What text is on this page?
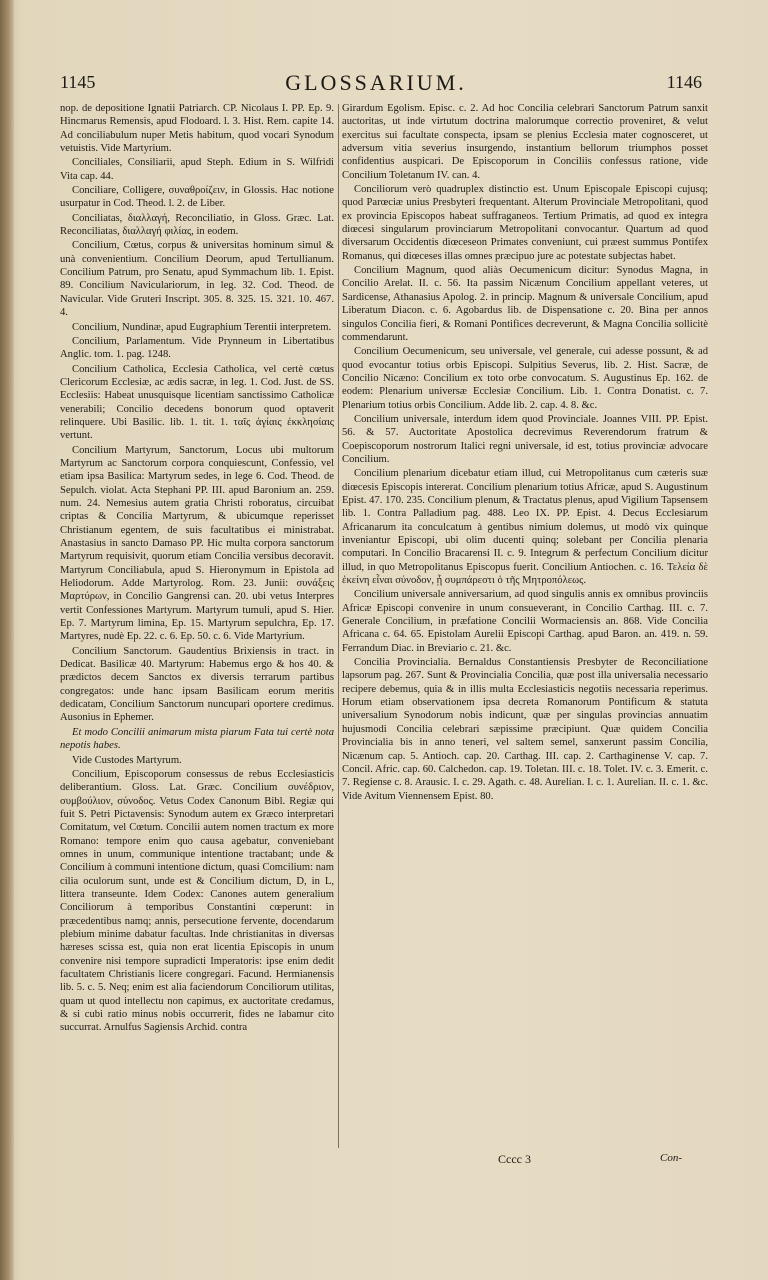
1145	GLOSSARIUM.	1146

nop. de depositione Ignatii Patriarch. CP. Nicolaus I. PP. Ep. 9. Hincmarus Remensis, apud Flodoard. l. 3. Hist. Rem. capite 14. Ad conciliabulum nuper Metis habitum, quod vocari Synodum vetuistis. Vide Martyrium.

Conciliales, Consiliarii, apud Steph. Edium in S. Wilfridi Vita cap. 44.

Conciliare, Colligere, συναθροίζειν, in Glossis. Hac notione usurpatur in Cod. Theod. l. 2. de Liber.

Conciliatas, διαλλαγή, Reconciliatio, in Gloss. Græc. Lat. Reconciliatas, διαλλαγή φιλίας, in eodem.

Concilium, Cœtus, corpus & universitas hominum simul & unà convenientium. Concilium Deorum, apud Tertullianum. Concilium Patrum, pro Senatu, apud Symmachum lib. 1. Epist. 89. Concilium Naviculariorum, in leg. 32. Cod. Theod. de Navicular. Vide Gruteri Inscript. 305. 8. 325. 15. 321. 10. 467. 4.

Concilium, Nundinæ, apud Eugraphium Terentii interpretem.

Concilium, Parlamentum. Vide Prynneum in Libertatibus Anglic. tom. 1. pag. 1248.

Concilium Catholica, Ecclesia Catholica, vel certè cœtus Clericorum Ecclesiæ, ac ædis sacræ, in leg. 1. Cod. Just. de SS. Ecclesiis: Habeat unusquisque licentiam sanctissimo Catholicæ venerabili; Concilio decedens bonorum quod optaverit relinquere. Ubi Basilic. lib. 1. tit. 1. ταῖς ἁγίαις ἐκκλησίαις vertunt.

Concilium Martyrum, Sanctorum, Locus ubi multorum Martyrum ac Sanctorum corpora conquiescunt, Confessio, vel etiam ipsa Basilica: Martyrum sedes, in lege 6. Cod. Theod. de Sepulch. violat. Acta Stephani PP. III. apud Baronium an. 259. num. 24. Nemesius autem gratia Christi roboratus, circuibat criptas & Concilia Martyrum, & ubicumque reperisset Christianum egentem, de suis facultatibus ei ministrabat. Anastasius in sancto Damaso PP. Hic multa corpora sanctorum Martyrum requisivit, quorum etiam Concilia versibus decoravit. Martyrum Conciliabula, apud S. Hieronymum in Epistola ad Heliodorum. Adde Martyrolog. Rom. 23. Junii: συνάξεις Μαρτύρων, in Concilio Gangrensi can. 20. ubi vetus Interpres vertit Confessiones Martyrum. Martyrum tumuli, apud S. Hier. Ep. 7. Martyrum limina, Ep. 15. Martyrum sepulchra, Ep. 17. Martyres, nudè Ep. 22. c. 6. Ep. 50. c. 6. Vide Martyrium.

Concilium Sanctorum. Gaudentius Brixiensis in tract. in Dedicat. Basilicæ 40. Martyrum: Habemus ergo & hos 40. & prædictos decem Sanctos ex diversis terrarum partibus congregatos: unde hanc ipsam Basilicam eorum meritis dedicatam, Concilium Sanctorum nuncupari oportere credimus. Ausonius in Ephemer.

Et modo Concilii animarum mista piarum Fata tui certè nota nepotis habes.

Vide Custodes Martyrum.

Concilium, Episcoporum consessus de rebus Ecclesiasticis deliberantium. Gloss. Lat. Græc. Concilium συνέδριον, συμβούλιον, σύνοδος. Vetus Codex Canonum Bibl. Regiæ qui fuit S. Petri Pictavensis: Synodum autem ex Græco interpretari Comitatum, vel Cœtum. Concilii autem nomen tractum ex more Romano: tempore enim quo causa agebatur, conveniebant omnes in unum, communique intentione tractabant; unde & Concilium à communi intentione dictum, quasi Comcilium: nam cilia oculorum sunt, unde est & Concilium dictum, D, in L, littera transeunte. Idem Codex: Canones autem generalium Conciliorum à temporibus Constantini cœperunt: in præcedentibus namq; annis, persecutione fervente, docendarum plebium minime dabatur facultas. Inde christianitas in diversas hæreses scissa est, quia non erat licentia Episcopis in unum convenire nisi tempore supradicti Imperatoris: ipse enim dedit facultatem Christianis licere congregari. Facund. Hermianensis lib. 5. c. 5. Neq; enim est alia faciendorum Conciliorum utilitas, quam ut quod intellectu non capimus, ex auctoritate credamus, & si cubi ratio minus nobis occurrerit, fides ne labamur cito succurrat. Arnulfus Sagiensis Archid. contra

Girardum Egolism. Episc. c. 2. Ad hoc Concilia celebrari Sanctorum Patrum sanxit auctoritas, ut inde virtutum doctrina malorumque correctio proveniret, & velut exercitus sui facultate conspecta, ipsam se plenius Ecclesia mater cognosceret, ut adversum vitia severius insurgendo, instantium bellorum triumphos posset confidentius auspicari. De Episcoporum in Conciliis confessus ratione, vide Concilium Toletanum IV. can. 4.

Conciliorum verò quadruplex distinctio est. Unum Episcopale Episcopi cujusq; quod Parœciæ unius Presbyteri frequentant. Alterum Provinciale Metropolitani, quod ex provincia Episcopos habeat suffraganeos. Tertium Primatis, ad quod ex integra diœcesi singularum provinciarum Metropolitani convocantur. Quartum ad quod diversarum Occidentis diœceseon Primates conveniunt, cui præest summus Pontifex Romanus, qui diœceses illas omnes præcipuo jure ac potestate subjectas habet.

Concilium Magnum, quod aliàs Oecumenicum dicitur: Synodus Magna, in Concilio Arelat. II. c. 56. Ita passim Nicænum Concilium appellant veteres, ut Sardicense, Athanasius Apolog. 2. in princip. Magnum & universale Concilium, apud Liberatum Diacon. c. 6. Agobardus lib. de Dispensatione c. 20. Bina per annos singulos Concilia fieri, & Romani Pontifices decreverunt, & Magna Concilia sollicitè commendarunt.

Concilium Oecumenicum, seu universale, vel generale, cui adesse possunt, & ad quod evocantur totius orbis Episcopi. Sulpitius Severus, lib. 2. Hist. Sacræ, de Concilio Nicæno: Concilium ex toto orbe convocatum. S. Augustinus Ep. 162. de eodem: Plenarium universæ Ecclesiæ Concilium. Lib. 1. Contra Donatist. c. 7. Plenarium totius orbis Concilium. Adde lib. 2. cap. 4. 8. &c.

Concilium universale, interdum idem quod Provinciale. Joannes VIII. PP. Epist. 56. & 57. Auctoritate Apostolica decrevimus Reverendorum fratrum & Coepiscoporum nostrorum Italici regni universale, id est, totius provinciæ advocare Concilium.

Concilium plenarium dicebatur etiam illud, cui Metropolitanus cum cæteris suæ diœcesis Episcopis intererat. Concilium plenarium totius Africæ, apud S. Augustinum Epist. 47. 170. 235. Concilium plenum, & Tractatus plenus, apud Vigilium Tapsensem lib. 1. Contra Palladium pag. 488. Leo IX. PP. Epist. 4. Decus Ecclesiarum Africanarum ita conculcatum à gentibus nimium dolemus, ut modò vix quinque inveniantur Episcopi, ubi olim ducenti quinq; solebant per Concilia plenaria computari. In Concilio Bracarensi II. c. 9. Integrum & perfectum Concilium dicitur illud, in quo Metropolitanus Episcopus fuerit. Concilium Antiochen. c. 16. Τελεία δὲ ἐκείνη εἶναι σύνοδον, ᾗ συμπάρεστι ὁ τῆς Μητροπόλεως.

Concilium universale anniversarium, ad quod singulis annis ex omnibus provinciis Africæ Episcopi convenire in unum consueverant, in Concilio Carthag. III. c. 7. Generale Concilium, in præfatione Concilii Wormaciensis an. 868. Vide Concilia Africana c. 64. 65. Epistolam Aurelii Episcopi Carthag. apud Baron. an. 419. n. 59. Ferrandum Diac. in Breviario c. 21. &c.

Concilia Provincialia. Bernaldus Constantiensis Presbyter de Reconciliatione lapsorum pag. 267. Sunt & Provincialia Concilia, quæ post illa universalia necessario recipere debemus, quia & in illis multa Ecclesiasticis negotiis necessaria reperimus. Horum etiam observationem ipsa decreta Romanorum Pontificum & statuta universalium Synodorum nobis indicunt, quæ per singulas provincias annuatim hujusmodi Concilia celebrari sæpissime præcipiunt. Quæ quidem Concilia Provincialia bis in anno teneri, vel saltem semel, sanxerunt passim Concilia, Nicænum cap. 5. Antioch. cap. 20. Carthag. III. cap. 2. Carthaginense V. cap. 7. Concil. Afric. cap. 60. Calchedon. cap. 19. Toletan. III. c. 18. Tolet. IV. c. 3. Emerit. c. 7. Regiense c. 8. Arausic. I. c. 29. Agath. c. 48. Aurelian. I. c. 1. Aurelian. II. c. 1. &c. Vide Avitum Viennensem Epist. 80.

Cccc 3	Con-
